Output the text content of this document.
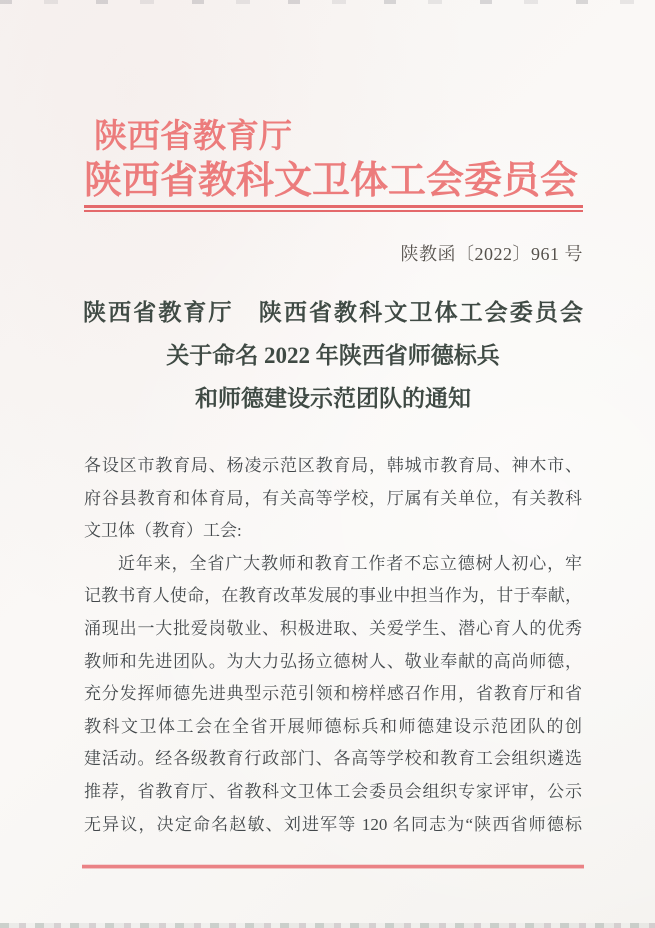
陕西省教育厅
陕西省教科文卫体工会委员会
陕教函〔2022〕961 号
陕西省教育厅　陕西省教科文卫体工会委员会
关于命名 2022 年陕西省师德标兵
和师德建设示范团队的通知
各设区市教育局、杨凌示范区教育局，韩城市教育局、神木市、
府谷县教育和体育局，有关高等学校，厅属有关单位，有关教科
文卫体（教育）工会:
近年来，全省广大教师和教育工作者不忘立德树人初心，牢
记教书育人使命，在教育改革发展的事业中担当作为，甘于奉献，
涌现出一大批爱岗敬业、积极进取、关爱学生、潜心育人的优秀
教师和先进团队。为大力弘扬立德树人、敬业奉献的高尚师德，
充分发挥师德先进典型示范引领和榜样感召作用，省教育厅和省
教科文卫体工会在全省开展师德标兵和师德建设示范团队的创
建活动。经各级教育行政部门、各高等学校和教育工会组织遴选
推荐，省教育厅、省教科文卫体工会委员会组织专家评审，公示
无异议，决定命名赵敏、刘进军等 120 名同志为“陕西省师德标
